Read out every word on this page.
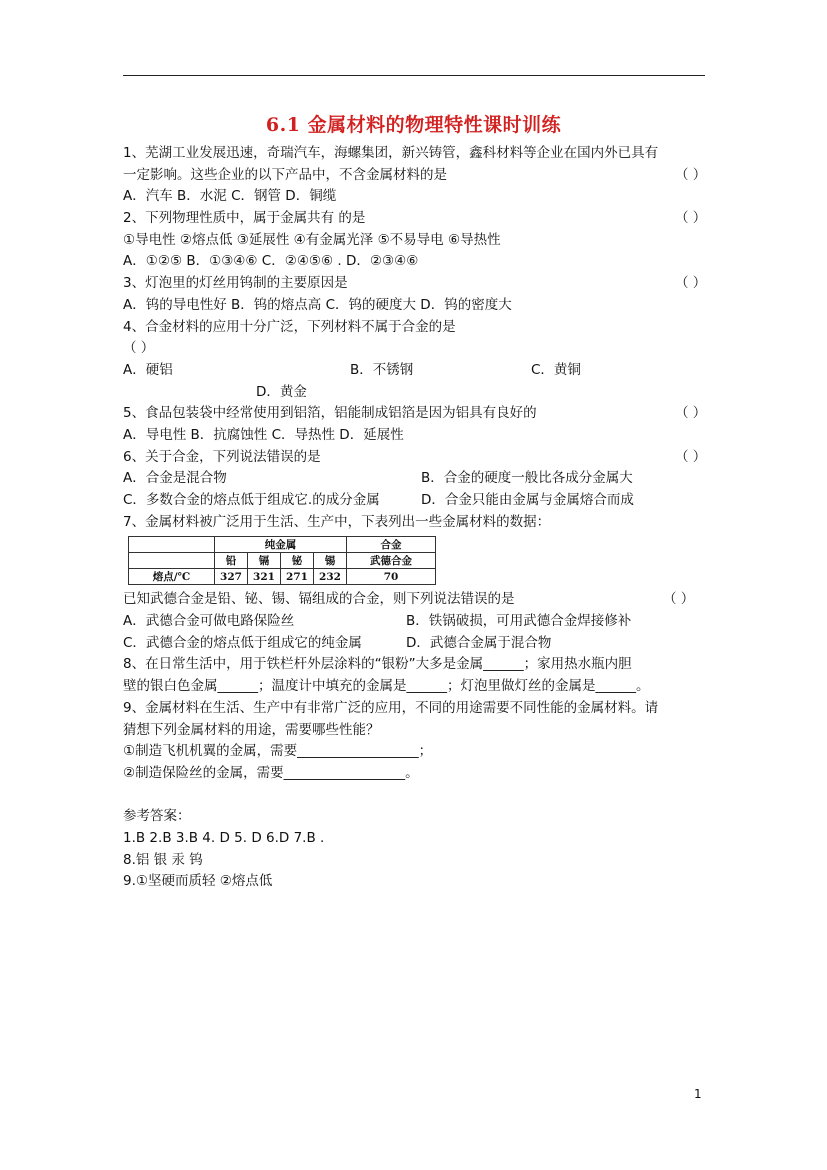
6.1 金属材料的物理特性课时训练
1、芜湖工业发展迅速，奇瑞汽车，海螺集团，新兴铸管，鑫科材料等企业在国内外已具有
一定影响。这些企业的以下产品中，不含金属材料的是	（ ）
A．汽车 B．水泥 C．钢管 D．铜缆
2、下列物理性质中，属于金属共有 的是	（ ）
①导电性 ②熔点低 ③延展性 ④有金属光泽 ⑤不易导电 ⑥导热性
A．①②⑤ B．①③④⑥ C．②④⑤⑥ . D．②③④⑥
3、灯泡里的灯丝用钨制的主要原因是	（ ）
A．钨的导电性好 B．钨的熔点高 C．钨的硬度大 D．钨的密度大
4、合金材料的应用十分广泛，下列材料不属于合金的是
（ ）
A．硬铝	B．不锈钢	C．黄铜
D．黄金
5、食品包装袋中经常使用到铝箔，铝能制成铝箔是因为铝具有良好的	（ ）
A．导电性 B．抗腐蚀性 C．导热性 D．延展性
6、关于合金，下列说法错误的是	（ ）
A．合金是混合物	B．合金的硬度一般比各成分金属大
C．多数合金的熔点低于组成它.的成分金属	D．合金只能由金属与金属熔合而成
7、金属材料被广泛用于生活、生产中，下表列出一些金属材料的数据：
	纯金属				合金
	铅	镉	铋	锡	武德合金
熔点/℃	327	321	271	232	70
已知武德合金是铅、铋、锡、镉组成的合金，则下列说法错误的是	（ ）
A．武德合金可做电路保险丝	B．铁锅破损，可用武德合金焊接修补
C．武德合金的熔点低于组成它的纯金属	D．武德合金属于混合物
8、在日常生活中，用于铁栏杆外层涂料的“银粉”大多是金属______；家用热水瓶内胆
壁的银白色金属______；温度计中填充的金属是______；灯泡里做灯丝的金属是______。
9、金属材料在生活、生产中有非常广泛的应用，不同的用途需要不同性能的金属材料。请
猜想下列金属材料的用途，需要哪些性能？
①制造飞机机翼的金属，需要__________________；
②制造保险丝的金属，需要__________________。
参考答案：
1.B 2.B 3.B 4. D 5. D 6.D 7.B .
8.铝 银 汞 钨
9.①坚硬而质轻 ②熔点低
1
